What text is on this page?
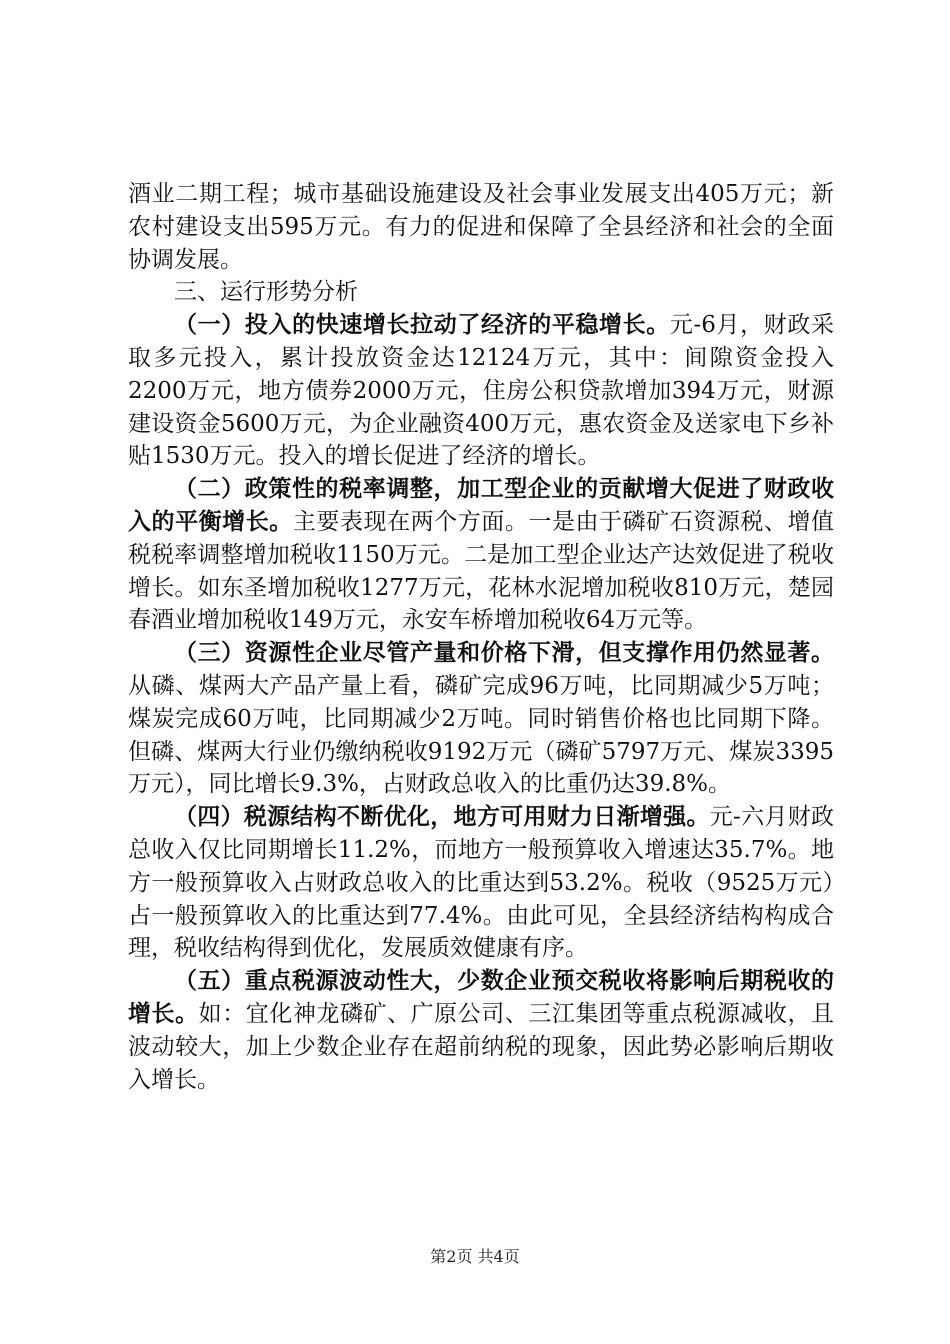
酒业二期工程；城市基础设施建设及社会事业发展支出405万元；新农村建设支出595万元。有力的促进和保障了全县经济和社会的全面协调发展。

三、运行形势分析

（一）投入的快速增长拉动了经济的平稳增长。元-6月，财政采取多元投入，累计投放资金达12124万元，其中：间隙资金投入2200万元，地方债券2000万元，住房公积贷款增加394万元，财源建设资金5600万元，为企业融资400万元，惠农资金及送家电下乡补贴1530万元。投入的增长促进了经济的增长。

（二）政策性的税率调整，加工型企业的贡献增大促进了财政收入的平衡增长。主要表现在两个方面。一是由于磷矿石资源税、增值税税率调整增加税收1150万元。二是加工型企业达产达效促进了税收增长。如东圣增加税收1277万元，花林水泥增加税收810万元，楚园春酒业增加税收149万元，永安车桥增加税收64万元等。

（三）资源性企业尽管产量和价格下滑，但支撑作用仍然显著。从磷、煤两大产品产量上看，磷矿完成96万吨，比同期减少5万吨；煤炭完成60万吨，比同期减少2万吨。同时销售价格也比同期下降。但磷、煤两大行业仍缴纳税收9192万元（磷矿5797万元、煤炭3395万元），同比增长9.3%，占财政总收入的比重仍达39.8%。

（四）税源结构不断优化，地方可用财力日渐增强。元-六月财政总收入仅比同期增长11.2%，而地方一般预算收入增速达35.7%。地方一般预算收入占财政总收入的比重达到53.2%。税收（9525万元）占一般预算收入的比重达到77.4%。由此可见，全县经济结构构成合理，税收结构得到优化，发展质效健康有序。

（五）重点税源波动性大，少数企业预交税收将影响后期税收的增长。如：宜化神龙磷矿、广原公司、三江集团等重点税源减收，且波动较大，加上少数企业存在超前纳税的现象，因此势必影响后期收入增长。

第2页 共4页
